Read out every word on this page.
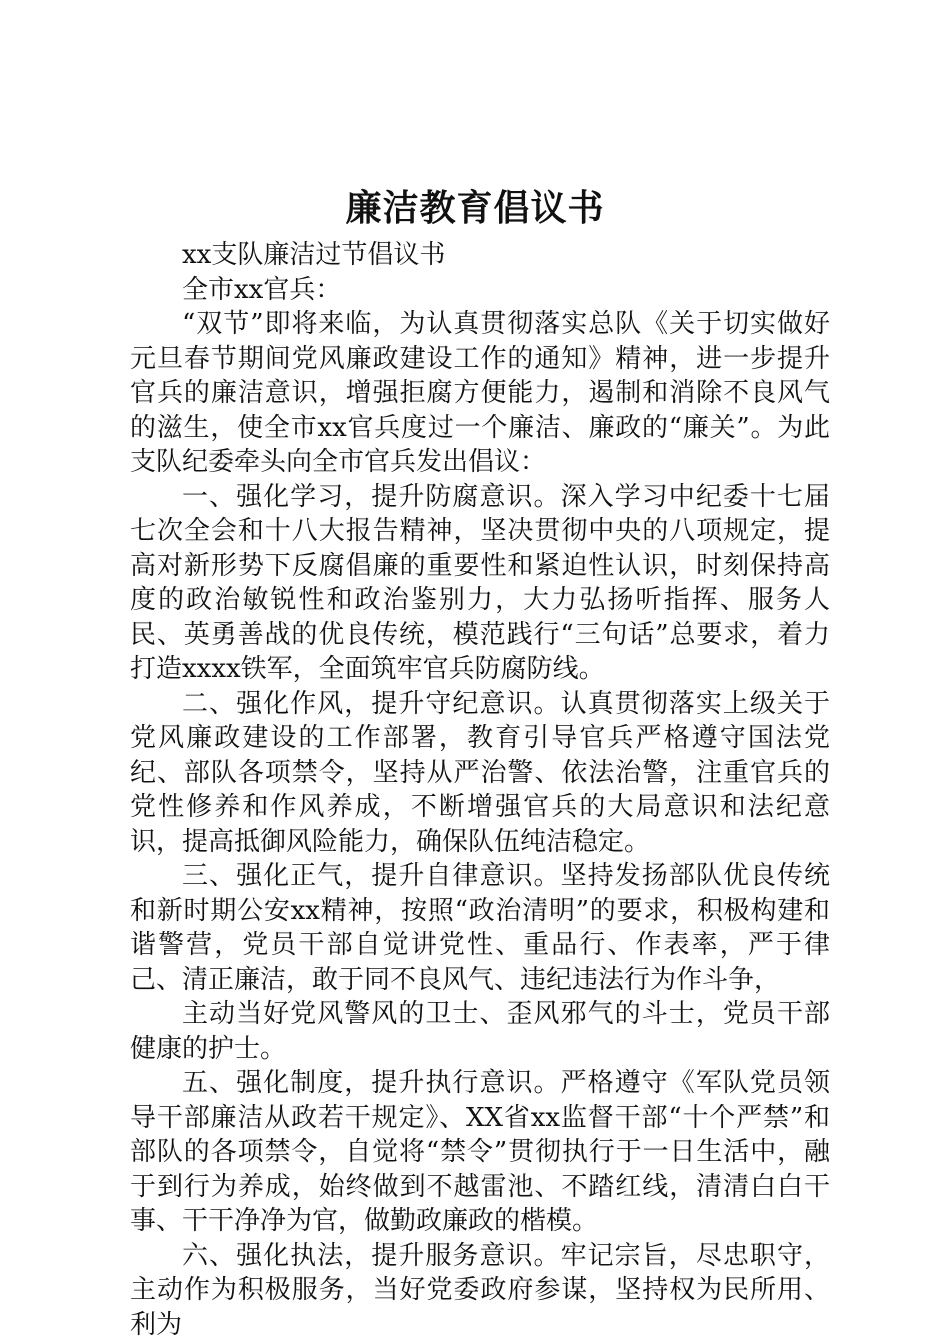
廉洁教育倡议书

xx支队廉洁过节倡议书

全市xx官兵：

“双节”即将来临，为认真贯彻落实总队《关于切实做好元旦春节期间党风廉政建设工作的通知》精神，进一步提升官兵的廉洁意识，增强拒腐方便能力，遏制和消除不良风气的滋生，使全市xx官兵度过一个廉洁、廉政的“廉关”。为此支队纪委牵头向全市官兵发出倡议：

一、强化学习，提升防腐意识。深入学习中纪委十七届七次全会和十八大报告精神，坚决贯彻中央的八项规定，提高对新形势下反腐倡廉的重要性和紧迫性认识，时刻保持高度的政治敏锐性和政治鉴别力，大力弘扬听指挥、服务人民、英勇善战的优良传统，模范践行“三句话”总要求，着力打造xxxx铁军，全面筑牢官兵防腐防线。

二、强化作风，提升守纪意识。认真贯彻落实上级关于党风廉政建设的工作部署，教育引导官兵严格遵守国法党纪、部队各项禁令，坚持从严治警、依法治警，注重官兵的党性修养和作风养成，不断增强官兵的大局意识和法纪意识，提高抵御风险能力，确保队伍纯洁稳定。

三、强化正气，提升自律意识。坚持发扬部队优良传统和新时期公安xx精神，按照“政治清明”的要求，积极构建和谐警营，党员干部自觉讲党性、重品行、作表率，严于律己、清正廉洁，敢于同不良风气、违纪违法行为作斗争，

主动当好党风警风的卫士、歪风邪气的斗士，党员干部健康的护士。

五、强化制度，提升执行意识。严格遵守《军队党员领导干部廉洁从政若干规定》、XX省xx监督干部“十个严禁”和部队的各项禁令，自觉将“禁令”贯彻执行于一日生活中，融于到行为养成，始终做到不越雷池、不踏红线，清清白白干事、干干净净为官，做勤政廉政的楷模。

六、强化执法，提升服务意识。牢记宗旨，尽忠职守，主动作为积极服务，当好党委政府参谋，坚持权为民所用、利为
